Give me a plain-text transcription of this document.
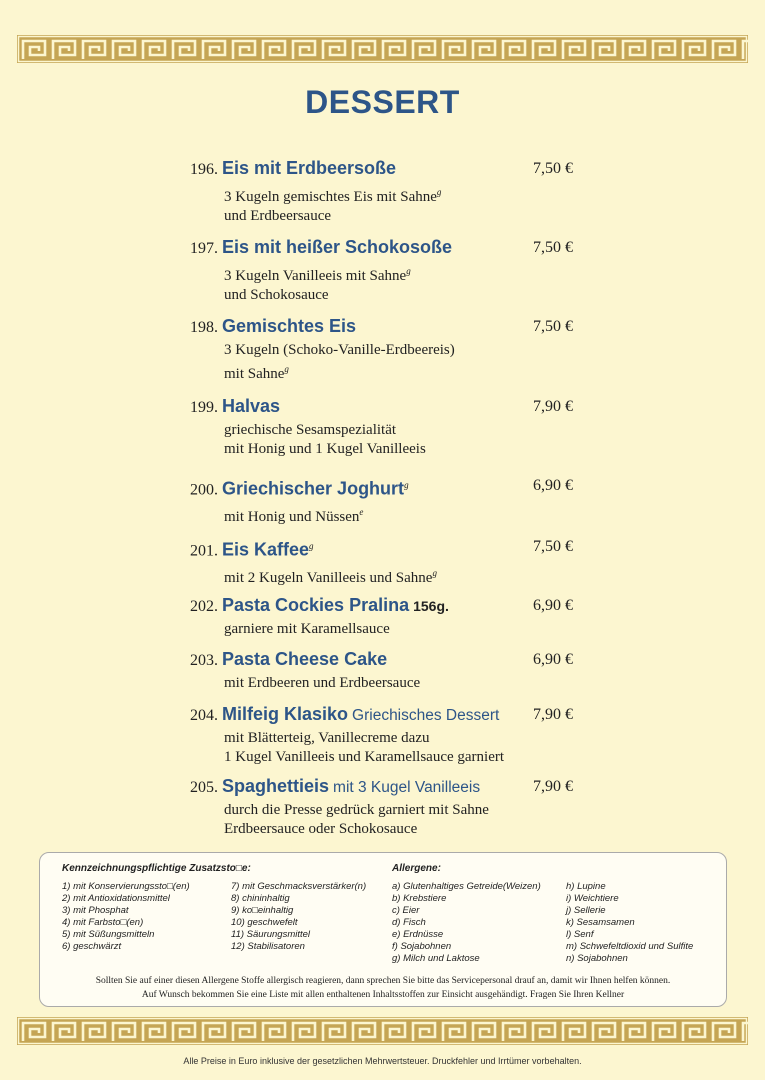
DESSERT
196. Eis mit Erdbeersoße	7,50 €
3 Kugeln gemischtes Eis mit Sahne$^g$
und Erdbeersauce
197. Eis mit heißer Schokosoße	7,50 €
3 Kugeln Vanilleeis mit Sahne$^g$
und Schokosauce
198. Gemischtes Eis	7,50 €
3 Kugeln (Schoko-Vanille-Erdbeereis)
mit Sahne$^g$
199. Halvas	7,90 €
griechische Sesamspezialität
mit Honig und 1 Kugel Vanilleeis
200. Griechischer Joghurt$^g$	6,90 €
mit Honig und Nüssen$^e$
201. Eis Kaffee$^g$	7,50 €
mit 2 Kugeln Vanilleeis und Sahne$^g$
202. Pasta Cockies Pralina 156g.	6,90 €
garniere mit Karamellsauce
203. Pasta Cheese Cake	6,90 €
mit Erdbeeren und Erdbeersauce
204. Milfeig Klasiko Griechisches Dessert	7,90 €
mit Blätterteig, Vanillecreme dazu
1 Kugel Vanilleeis und Karamellsauce garniert
205. Spaghettieis mit 3 Kugel Vanilleeis	7,90 €
durch die Presse gedrück garniert mit Sahne
Erdbeersauce oder Schokosauce
Kennzeichnungspflichtige Zusatzsto□e:
1) mit Konservierungssto□(en)
2) mit Antioxidationsmittel
3) mit Phosphat
4) mit Farbsto□(en)
5) mit Süßungsmitteln
6) geschwärzt
7) mit Geschmacksverstärker(n)
8) chininhaltig
9) ko□einhaltig
10) geschwefelt
11) Säurungsmittel
12) Stabilisatoren
Allergene:
a) Glutenhaltiges Getreide(Weizen)
b) Krebstiere
c) Eier
d) Fisch
e) Erdnüsse
f) Sojabohnen
g) Milch und Laktose
h) Lupine
i) Weichtiere
j) Sellerie
k) Sesamsamen
l) Senf
m) Schwefeltdioxid und Sulfite
n) Sojabohnen
Sollten Sie auf einer diesen Allergene Stoffe allergisch reagieren, dann sprechen Sie bitte das Servicepersonal drauf an, damit wir Ihnen helfen können.
Auf Wunsch bekommen Sie eine Liste mit allen enthaltenen Inhaltsstoffen zur Einsicht ausgehändigt. Fragen Sie Ihren Kellner
Alle Preise in Euro inklusive der gesetzlichen Mehrwertsteuer. Druckfehler und Irrtümer vorbehalten.
